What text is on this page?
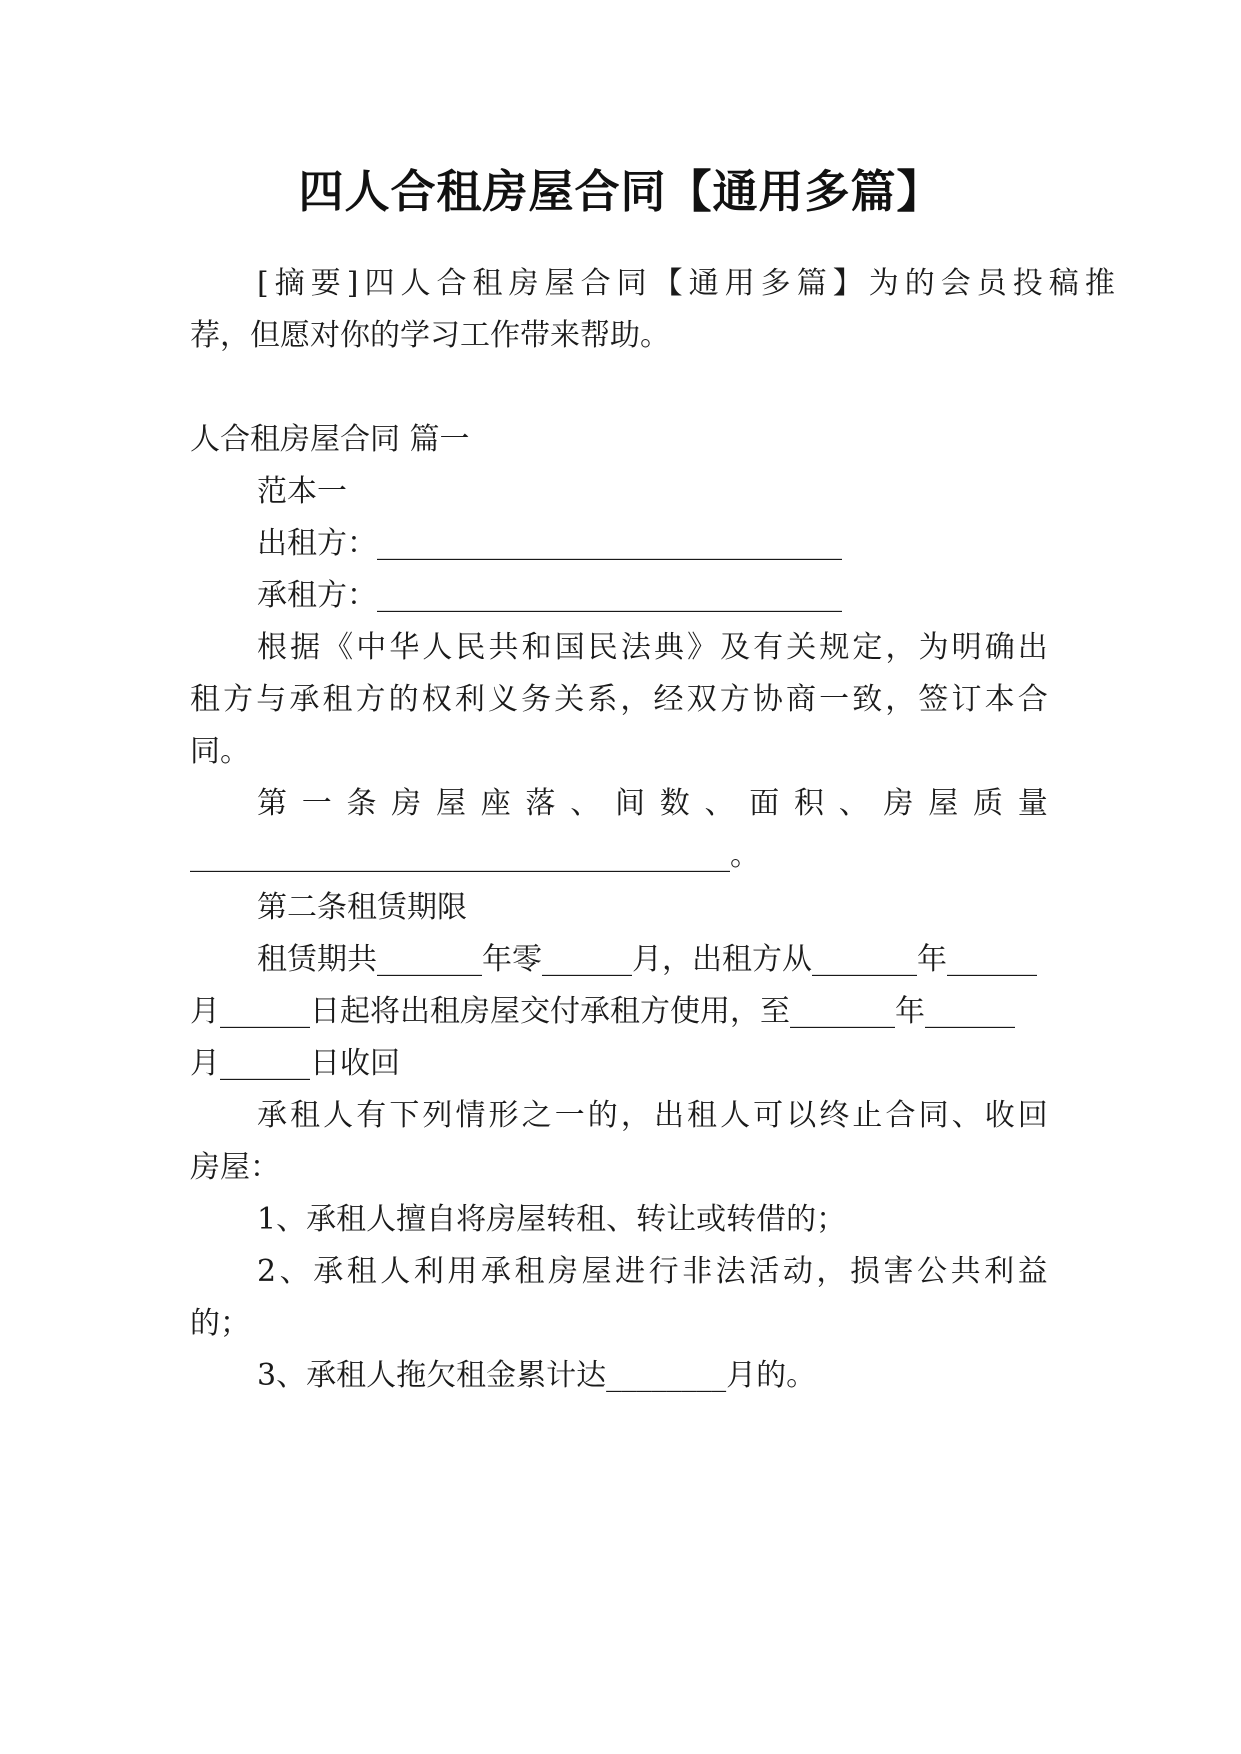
四人合租房屋合同【通用多篇】
[ 摘 要 ] 四 人 合 租 房 屋 合 同 【 通 用 多 篇 】 为 的 会 员 投 稿 推
荐，但愿对你的学习工作带来帮助。
人合租房屋合同 篇一
范本一
出租方：_______________________________
承租方：_______________________________
根 据 《 中 华 人 民 共 和 国 民 法 典 》 及 有 关 规 定 ， 为 明 确 出
租 方 与 承 租 方 的 权 利 义 务 关 系 ， 经 双 方 协 商 一 致 ， 签 订 本 合
同。
第 一 条 房 屋 座 落 、 间 数 、 面 积 、 房 屋 质 量
____________________________________。
第二条租赁期限
租赁期共_______年零______月，出租方从_______年______
月______日起将出租房屋交付承租方使用，至_______年______
月______日收回
承 租 人 有 下 列 情 形 之 一 的 ， 出 租 人 可 以 终 止 合 同 、 收 回
房屋：
1、承租人擅自将房屋转租、转让或转借的；
2 、 承 租 人 利 用 承 租 房 屋 进 行 非 法 活 动 ， 损 害 公 共 利 益
的；
3、承租人拖欠租金累计达________月的。
